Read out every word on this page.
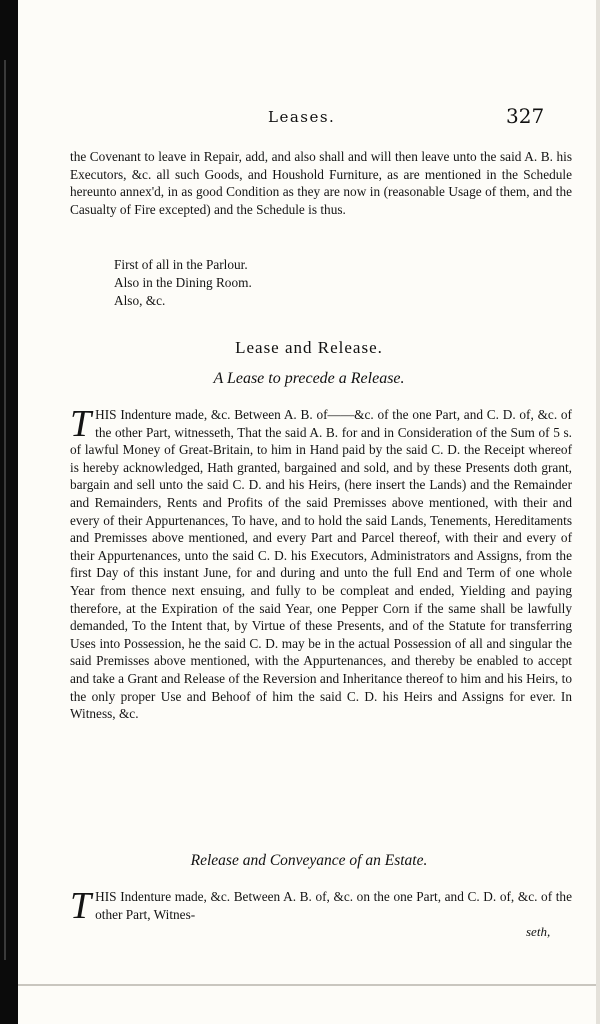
Leases.	327

the Covenant to leave in Repair, add, and also shall and will then leave unto the said A. B. his Executors, &c. all such Goods, and Houshold Furniture, as are mentioned in the Schedule hereunto annex'd, in as good Condition as they are now in (reasonable Usage of them, and the Casualty of Fire excepted) and the Schedule is thus.

First of all in the Parlour.
Also in the Dining Room.
Also, &c.
Lease and Release.
A Lease to precede a Release.
T HIS Indenture made, &c. Between A. B. of——&c. of the one Part, and C. D. of, &c. of the other Part, witnesseth, That the said A. B. for and in Consideration of the Sum of 5 s. of lawful Money of Great-Britain, to him in Hand paid by the said C. D. the Receipt whereof is hereby acknowledged, Hath granted, bargained and sold, and by these Presents doth grant, bargain and sell unto the said C. D. and his Heirs, (here insert the Lands) and the Remainder and Remainders, Rents and Profits of the said Premisses above mentioned, with their and every of their Appurtenances, To have, and to hold the said Lands, Tenements, Hereditaments and Premisses above mentioned, and every Part and Parcel thereof, with their and every of their Appurtenances, unto the said C. D. his Executors, Administrators and Assigns, from the first Day of this instant June, for and during and unto the full End and Term of one whole Year from thence next ensuing, and fully to be compleat and ended, Yielding and paying therefore, at the Expiration of the said Year, one Pepper Corn if the same shall be lawfully demanded, To the Intent that, by Virtue of these Presents, and of the Statute for transferring Uses into Possession, he the said C. D. may be in the actual Possession of all and singular the said Premisses above mentioned, with the Appurtenances, and thereby be enabled to accept and take a Grant and Release of the Reversion and Inheritance thereof to him and his Heirs, to the only proper Use and Behoof of him the said C. D. his Heirs and Assigns for ever. In Witness, &c.

Release and Conveyance of an Estate.
T HIS Indenture made, &c. Between A. B. of, &c. on the one Part, and C. D. of, &c. of the other Part, Witnes-

seth,
